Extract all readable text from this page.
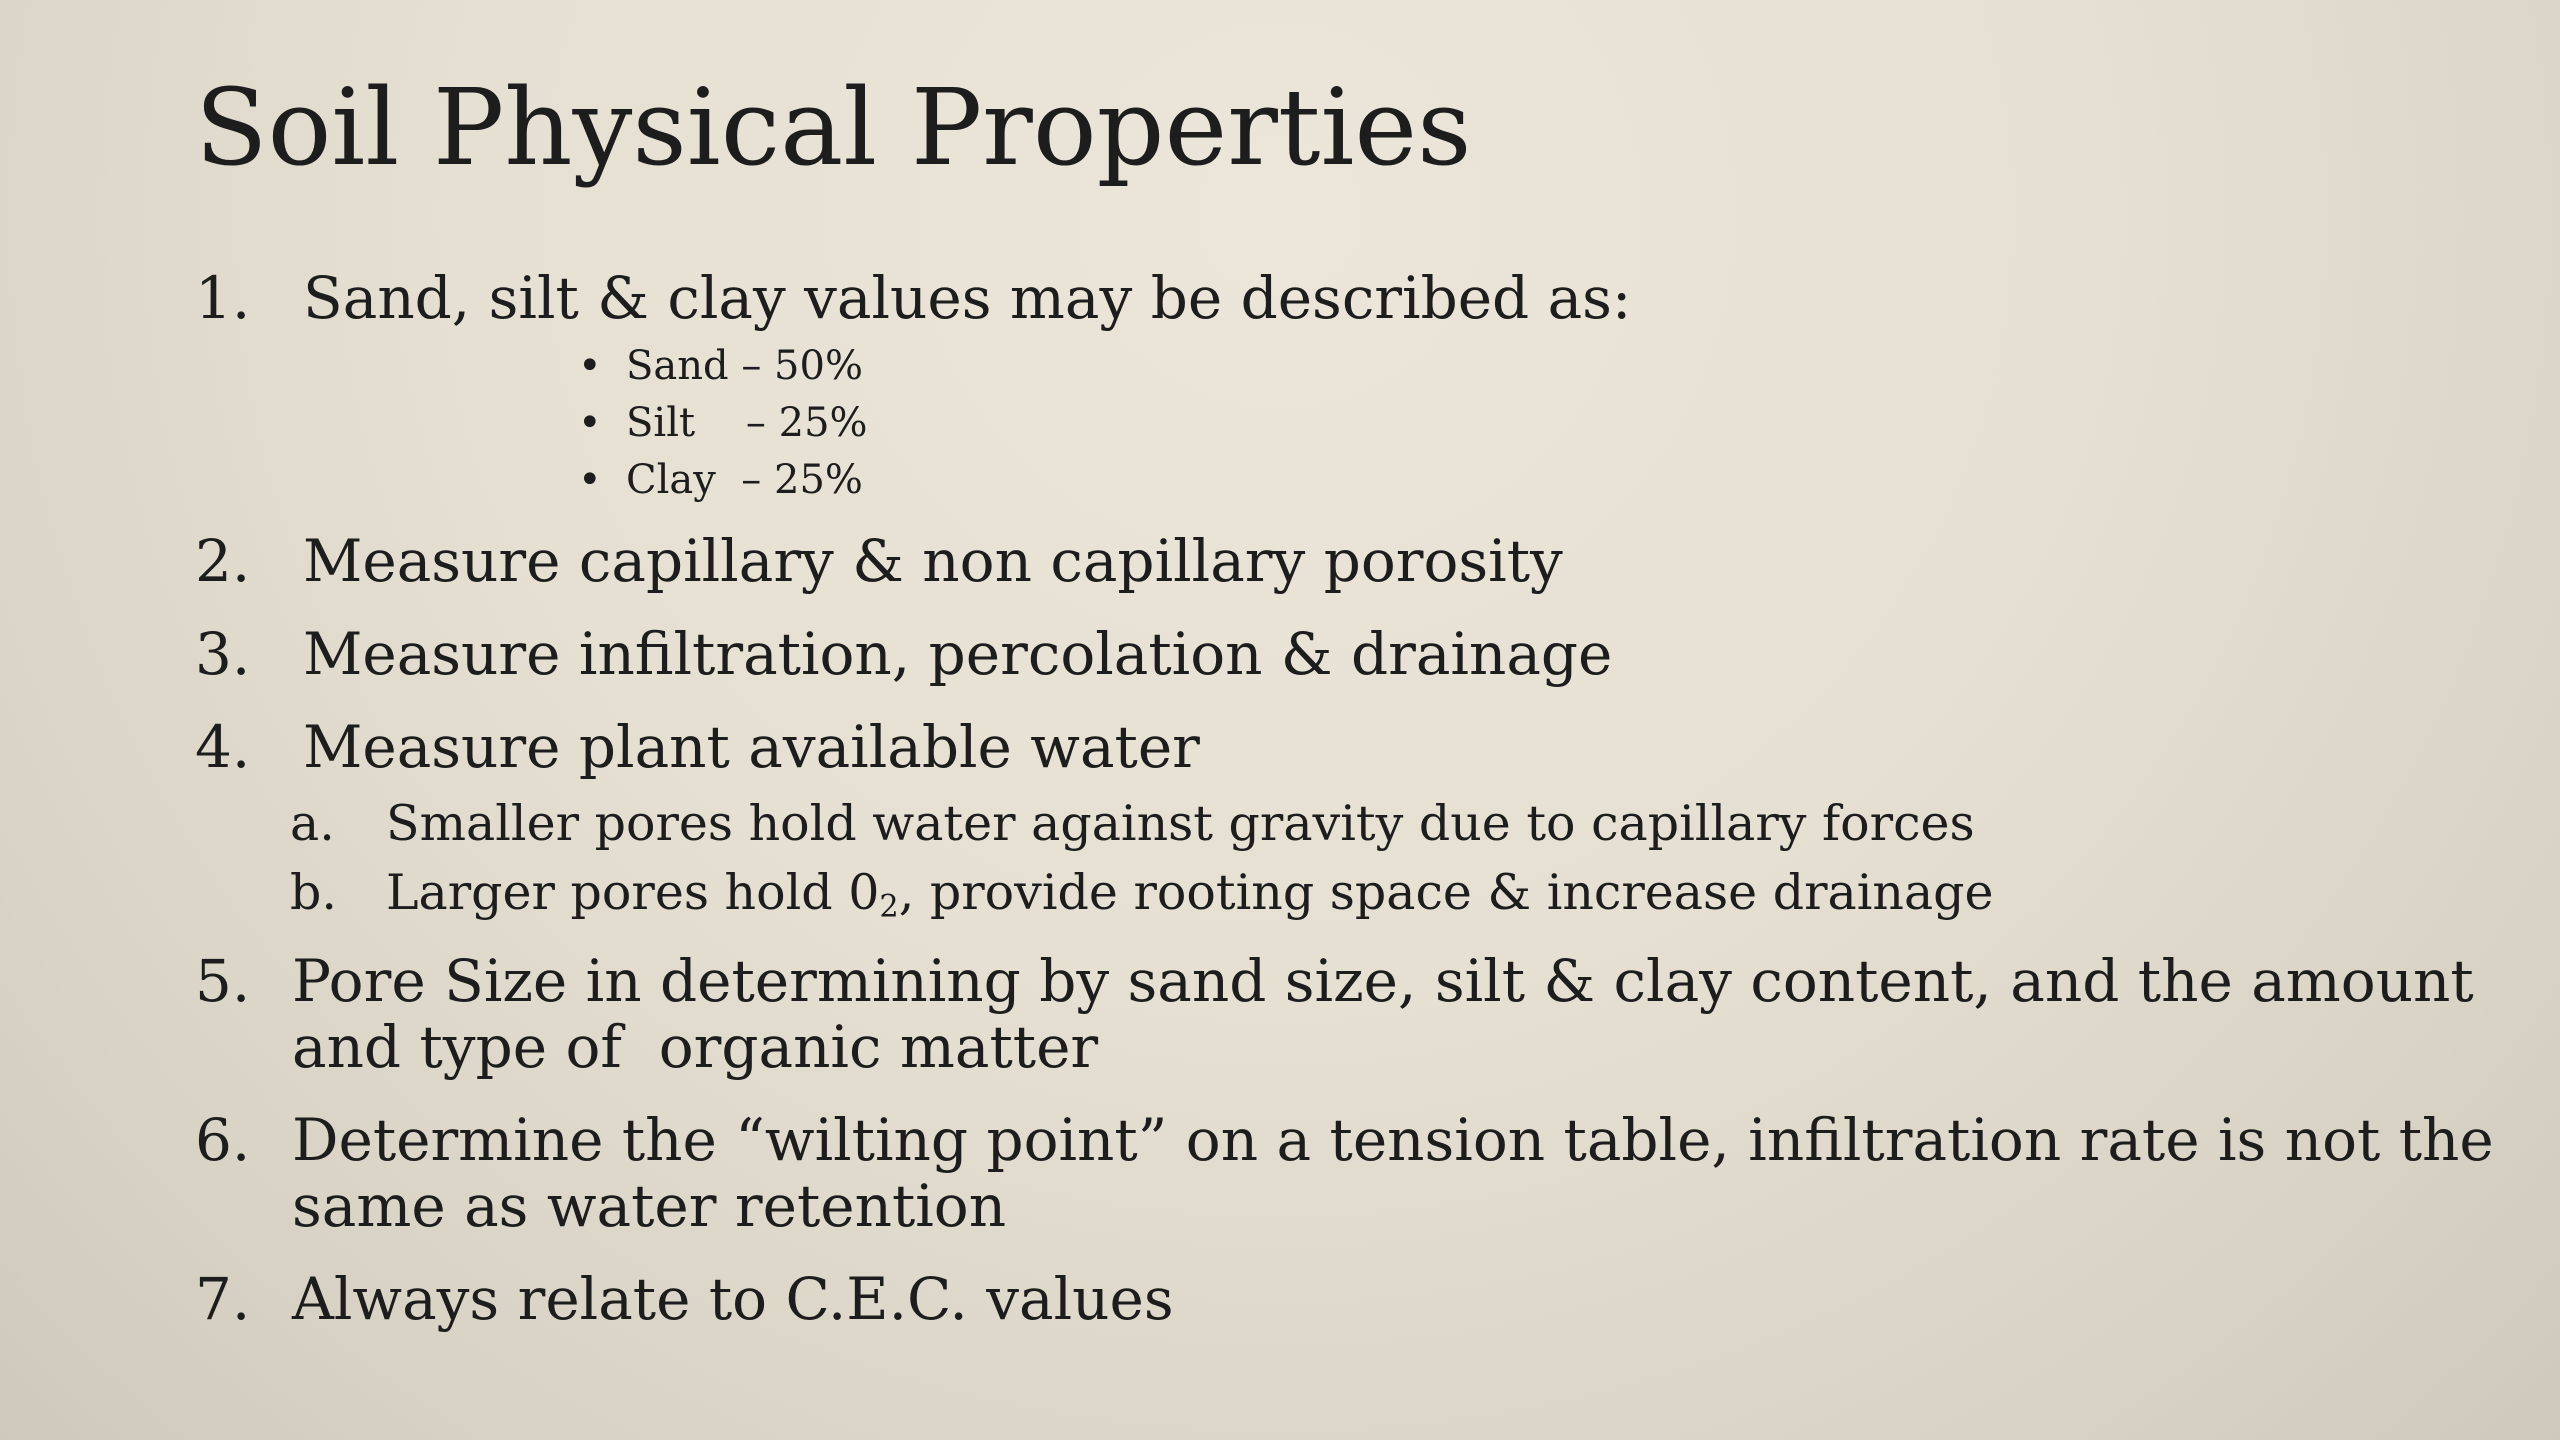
Soil Physical Properties
1. Sand, silt & clay values may be described as:
• Sand – 50%
• Silt    – 25%
• Clay  – 25%
2. Measure capillary & non capillary porosity
3. Measure infiltration, percolation & drainage
4. Measure plant available water
a. Smaller pores hold water against gravity due to capillary forces
b. Larger pores hold $0_2$, provide rooting space & increase drainage
5. Pore Size in determining by sand size, silt & clay content, and the amount
and type of  organic matter
6. Determine the “wilting point” on a tension table, infiltration rate is not the
same as water retention
7. Always relate to C.E.C. values
